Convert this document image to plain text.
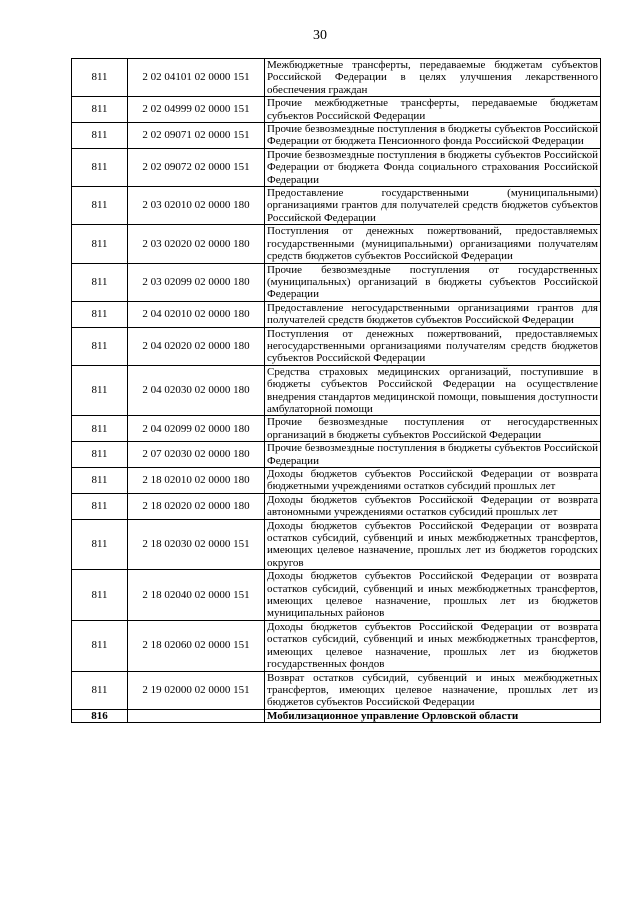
30
811	2 02 04101 02 0000 151	Межбюджетные трансферты, передаваемые бюджетам субъектов Российской Федерации в целях улучшения лекарственного обеспечения граждан
811	2 02 04999 02 0000 151	Прочие межбюджетные трансферты, передаваемые бюджетам субъектов Российской Федерации
811	2 02 09071 02 0000 151	Прочие безвозмездные поступления в бюджеты субъектов Российской Федерации от бюджета Пенсионного фонда Российской Федерации
811	2 02 09072 02 0000 151	Прочие безвозмездные поступления в бюджеты субъектов Российской Федерации от бюджета Фонда социального страхования Российской Федерации
811	2 03 02010 02 0000 180	Предоставление государственными (муниципальными) организациями грантов для получателей средств бюджетов субъектов Российской Федерации
811	2 03 02020 02 0000 180	Поступления от денежных пожертвований, предоставляемых государственными (муниципальными) организациями получателям средств бюджетов субъектов Российской Федерации
811	2 03 02099 02 0000 180	Прочие безвозмездные поступления от государственных (муниципальных) организаций в бюджеты субъектов Российской Федерации
811	2 04 02010 02 0000 180	Предоставление негосударственными организациями грантов для получателей средств бюджетов субъектов Российской Федерации
811	2 04 02020 02 0000 180	Поступления от денежных пожертвований, предоставляемых негосударственными организациями получателям средств бюджетов субъектов Российской Федерации
811	2 04 02030 02 0000 180	Средства страховых медицинских организаций, поступившие в бюджеты субъектов Российской Федерации на осуществление внедрения стандартов медицинской помощи, повышения доступности амбулаторной помощи
811	2 04 02099 02 0000 180	Прочие безвозмездные поступления от негосударственных организаций в бюджеты субъектов Российской Федерации
811	2 07 02030 02 0000 180	Прочие безвозмездные поступления в бюджеты субъектов Российской Федерации
811	2 18 02010 02 0000 180	Доходы бюджетов субъектов Российской Федерации от возврата бюджетными учреждениями остатков субсидий прошлых лет
811	2 18 02020 02 0000 180	Доходы бюджетов субъектов Российской Федерации от возврата автономными учреждениями остатков субсидий прошлых лет
811	2 18 02030 02 0000 151	Доходы бюджетов субъектов Российской Федерации от возврата остатков субсидий, субвенций и иных межбюджетных трансфертов, имеющих целевое назначение, прошлых лет из бюджетов городских округов
811	2 18 02040 02 0000 151	Доходы бюджетов субъектов Российской Федерации от возврата остатков субсидий, субвенций и иных межбюджетных трансфертов, имеющих целевое назначение, прошлых лет из бюджетов муниципальных районов
811	2 18 02060 02 0000 151	Доходы бюджетов субъектов Российской Федерации от возврата остатков субсидий, субвенций и иных межбюджетных трансфертов, имеющих целевое назначение, прошлых лет из бюджетов государственных фондов
811	2 19 02000 02 0000 151	Возврат остатков субсидий, субвенций и иных межбюджетных трансфертов, имеющих целевое назначение, прошлых лет из бюджетов субъектов Российской Федерации
816		Мобилизационное управление Орловской области
